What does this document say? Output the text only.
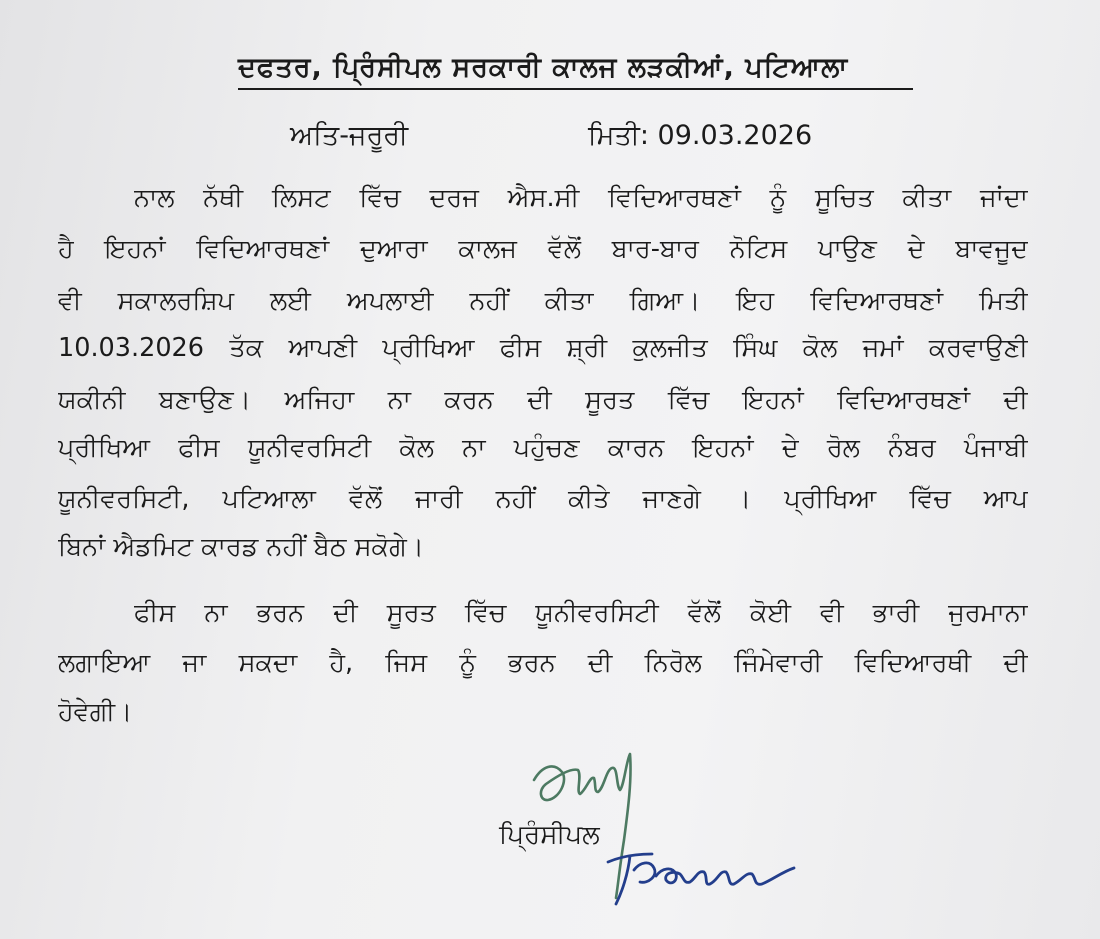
ਦਫਤਰ, ਪ੍ਰਿੰਸੀਪਲ ਸਰਕਾਰੀ ਕਾਲਜ ਲੜਕੀਆਂ, ਪਟਿਆਲਾ
ਅਤਿ-ਜਰੂਰੀ	ਮਿਤੀ: 09.03.2026
ਨਾਲ ਨੱਥੀ ਲਿਸਟ ਵਿੱਚ ਦਰਜ ਐਸ.ਸੀ ਵਿਦਿਆਰਥਣਾਂ ਨੂੰ ਸੂਚਿਤ ਕੀਤਾ ਜਾਂਦਾ
ਹੈ ਇਹਨਾਂ ਵਿਦਿਆਰਥਣਾਂ ਦੁਆਰਾ ਕਾਲਜ ਵੱਲੋਂ ਬਾਰ-ਬਾਰ ਨੋਟਿਸ ਪਾਉਣ ਦੇ ਬਾਵਜੂਦ
ਵੀ ਸਕਾਲਰਸ਼ਿਪ ਲਈ ਅਪਲਾਈ ਨਹੀਂ ਕੀਤਾ ਗਿਆ। ਇਹ ਵਿਦਿਆਰਥਣਾਂ ਮਿਤੀ
10.03.2026 ਤੱਕ ਆਪਣੀ ਪ੍ਰੀਖਿਆ ਫੀਸ ਸ਼੍ਰੀ ਕੁਲਜੀਤ ਸਿੰਘ ਕੋਲ ਜਮਾਂ ਕਰਵਾਉਣੀ
ਯਕੀਨੀ ਬਣਾਉਣ। ਅਜਿਹਾ ਨਾ ਕਰਨ ਦੀ ਸੂਰਤ ਵਿੱਚ ਇਹਨਾਂ ਵਿਦਿਆਰਥਣਾਂ ਦੀ
ਪ੍ਰੀਖਿਆ ਫੀਸ ਯੂਨੀਵਰਸਿਟੀ ਕੋਲ ਨਾ ਪਹੁੰਚਣ ਕਾਰਨ ਇਹਨਾਂ ਦੇ ਰੋਲ ਨੰਬਰ ਪੰਜਾਬੀ
ਯੂਨੀਵਰਸਿਟੀ, ਪਟਿਆਲਾ ਵੱਲੋਂ ਜਾਰੀ ਨਹੀਂ ਕੀਤੇ ਜਾਣਗੇ । ਪ੍ਰੀਖਿਆ ਵਿੱਚ ਆਪ
ਬਿਨਾਂ ਐਡਮਿਟ ਕਾਰਡ ਨਹੀਂ ਬੈਠ ਸਕੋਗੇ।
ਫੀਸ ਨਾ ਭਰਨ ਦੀ ਸੂਰਤ ਵਿੱਚ ਯੂਨੀਵਰਸਿਟੀ ਵੱਲੋਂ ਕੋਈ ਵੀ ਭਾਰੀ ਜੁਰਮਾਨਾ
ਲਗਾਇਆ ਜਾ ਸਕਦਾ ਹੈ, ਜਿਸ ਨੂੰ ਭਰਨ ਦੀ ਨਿਰੋਲ ਜਿੰਮੇਵਾਰੀ ਵਿਦਿਆਰਥੀ ਦੀ
ਹੋਵੇਗੀ।
ਪ੍ਰਿੰਸੀਪਲ
